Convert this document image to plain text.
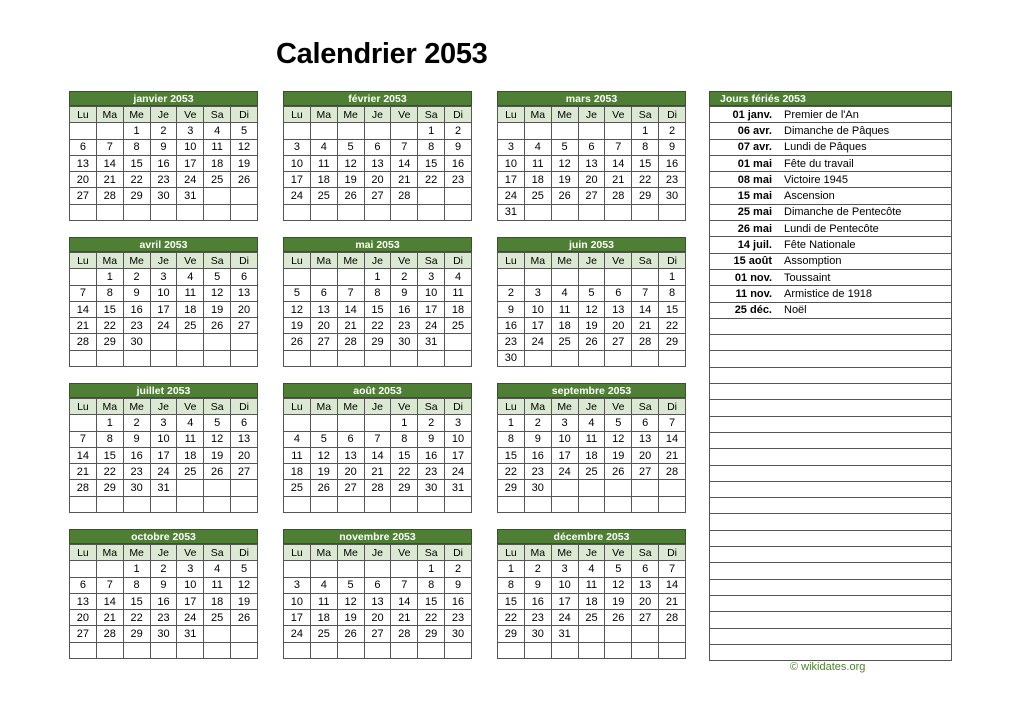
Calendrier 2053
janvier 2053
Lu	Ma	Me	Je	Ve	Sa	Di
		1	2	3	4	5
6	7	8	9	10	11	12
13	14	15	16	17	18	19
20	21	22	23	24	25	26
27	28	29	30	31		

février 2053
Lu	Ma	Me	Je	Ve	Sa	Di
					1	2
3	4	5	6	7	8	9
10	11	12	13	14	15	16
17	18	19	20	21	22	23
24	25	26	27	28		

mars 2053
Lu	Ma	Me	Je	Ve	Sa	Di
					1	2
3	4	5	6	7	8	9
10	11	12	13	14	15	16
17	18	19	20	21	22	23
24	25	26	27	28	29	30
31						
avril 2053
Lu	Ma	Me	Je	Ve	Sa	Di
	1	2	3	4	5	6
7	8	9	10	11	12	13
14	15	16	17	18	19	20
21	22	23	24	25	26	27
28	29	30				

mai 2053
Lu	Ma	Me	Je	Ve	Sa	Di
			1	2	3	4
5	6	7	8	9	10	11
12	13	14	15	16	17	18
19	20	21	22	23	24	25
26	27	28	29	30	31	

juin 2053
Lu	Ma	Me	Je	Ve	Sa	Di
						1
2	3	4	5	6	7	8
9	10	11	12	13	14	15
16	17	18	19	20	21	22
23	24	25	26	27	28	29
30						
juillet 2053
Lu	Ma	Me	Je	Ve	Sa	Di
	1	2	3	4	5	6
7	8	9	10	11	12	13
14	15	16	17	18	19	20
21	22	23	24	25	26	27
28	29	30	31			

août 2053
Lu	Ma	Me	Je	Ve	Sa	Di
				1	2	3
4	5	6	7	8	9	10
11	12	13	14	15	16	17
18	19	20	21	22	23	24
25	26	27	28	29	30	31

septembre 2053
Lu	Ma	Me	Je	Ve	Sa	Di
1	2	3	4	5	6	7
8	9	10	11	12	13	14
15	16	17	18	19	20	21
22	23	24	25	26	27	28
29	30					

octobre 2053
Lu	Ma	Me	Je	Ve	Sa	Di
		1	2	3	4	5
6	7	8	9	10	11	12
13	14	15	16	17	18	19
20	21	22	23	24	25	26
27	28	29	30	31		

novembre 2053
Lu	Ma	Me	Je	Ve	Sa	Di
					1	2
3	4	5	6	7	8	9
10	11	12	13	14	15	16
17	18	19	20	21	22	23
24	25	26	27	28	29	30

décembre 2053
Lu	Ma	Me	Je	Ve	Sa	Di
1	2	3	4	5	6	7
8	9	10	11	12	13	14
15	16	17	18	19	20	21
22	23	24	25	26	27	28
29	30	31				

Jours fériés 2053
01 janv.	Premier de l'An
06 avr.	Dimanche de Pâques
07 avr.	Lundi de Pâques
01 mai	Fête du travail
08 mai	Victoire 1945
15 mai	Ascension
25 mai	Dimanche de Pentecôte
26 mai	Lundi de Pentecôte
14 juil.	Fête Nationale
15 août	Assomption
01 nov.	Toussaint
11 nov.	Armistice de 1918
25 déc.	Noël

© wikidates.org
